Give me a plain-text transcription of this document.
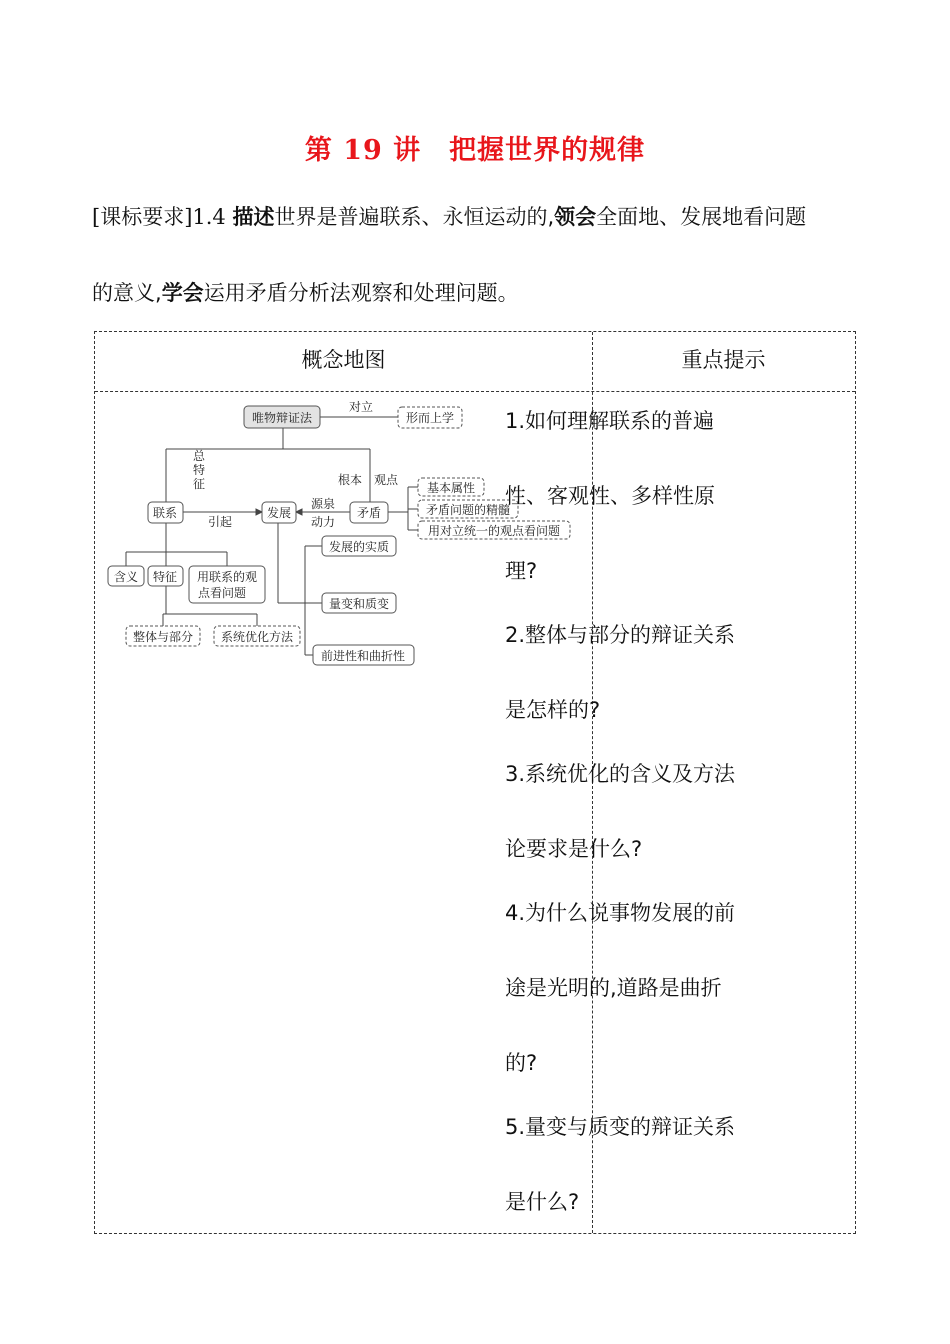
第 19 讲　把握世界的规律
[课标要求]1.4 描述世界是普遍联系、永恒运动的,领会全面地、发展地看问题
的意义,学会运用矛盾分析法观察和处理问题。
概念地图	重点提示
唯物辩证法
对立
形而上学
总
特
征	根本 观点
联系
引起
发展
源泉
动力
矛盾
基本属性
矛盾问题的精髓
用对立统一的观点看问题
发展的实质
量变和质变
前进性和曲折性
含义 特征 用联系的观
点看问题
整体与部分 系统优化方法
1.如何理解联系的普遍
性、客观性、多样性原
理?
2.整体与部分的辩证关系
是怎样的?
3.系统优化的含义及方法
论要求是什么?
4.为什么说事物发展的前
途是光明的,道路是曲折
的?
5.量变与质变的辩证关系
是什么?
